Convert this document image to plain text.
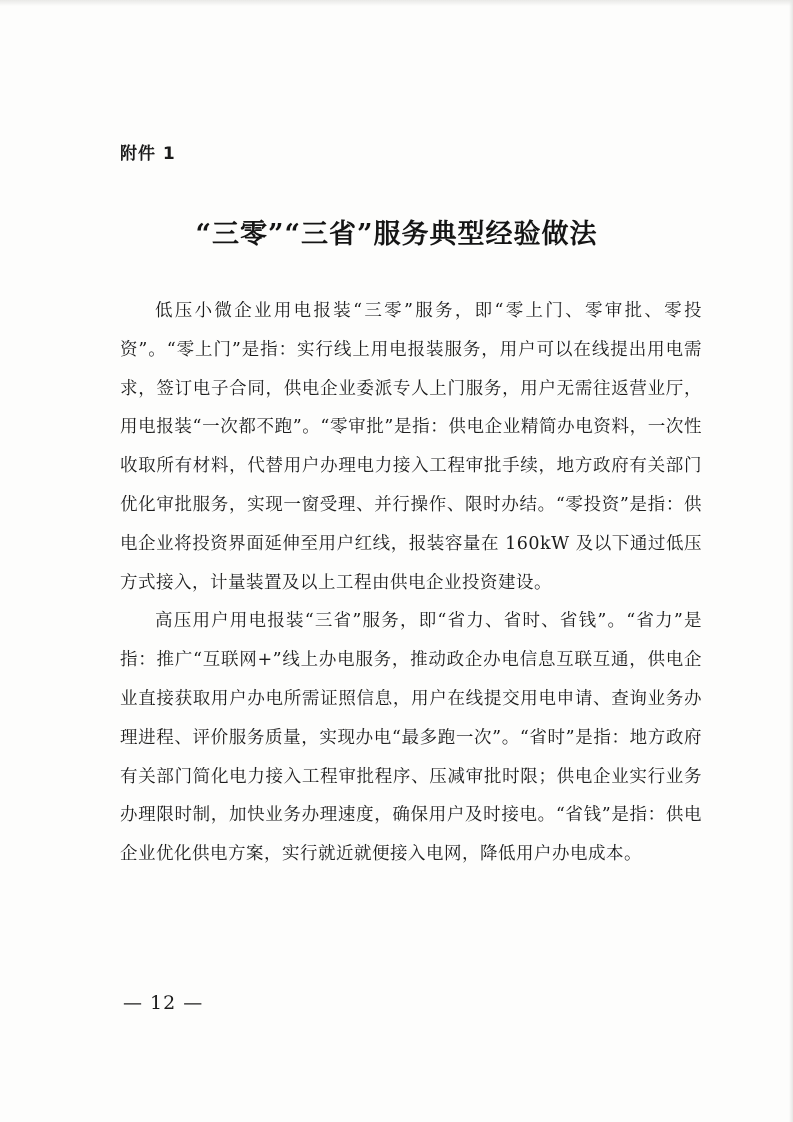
附件 1
“三零”“三省”服务典型经验做法

低压小微企业用电报装“三零”服务，即“零上门、零审批、零投资”。“零上门”是指：实行线上用电报装服务，用户可以在线提出用电需求，签订电子合同，供电企业委派专人上门服务，用户无需往返营业厅，用电报装“一次都不跑”。“零审批”是指：供电企业精简办电资料，一次性收取所有材料，代替用户办理电力接入工程审批手续，地方政府有关部门优化审批服务，实现一窗受理、并行操作、限时办结。“零投资”是指：供电企业将投资界面延伸至用户红线，报装容量在 160kW 及以下通过低压方式接入，计量装置及以上工程由供电企业投资建设。

高压用户用电报装“三省”服务，即“省力、省时、省钱”。“省力”是指：推广“互联网+”线上办电服务，推动政企办电信息互联互通，供电企业直接获取用户办电所需证照信息，用户在线提交用电申请、查询业务办理进程、评价服务质量，实现办电“最多跑一次”。“省时”是指：地方政府有关部门简化电力接入工程审批程序、压减审批时限；供电企业实行业务办理限时制，加快业务办理速度，确保用户及时接电。“省钱”是指：供电企业优化供电方案，实行就近就便接入电网，降低用户办电成本。

— 12 —
